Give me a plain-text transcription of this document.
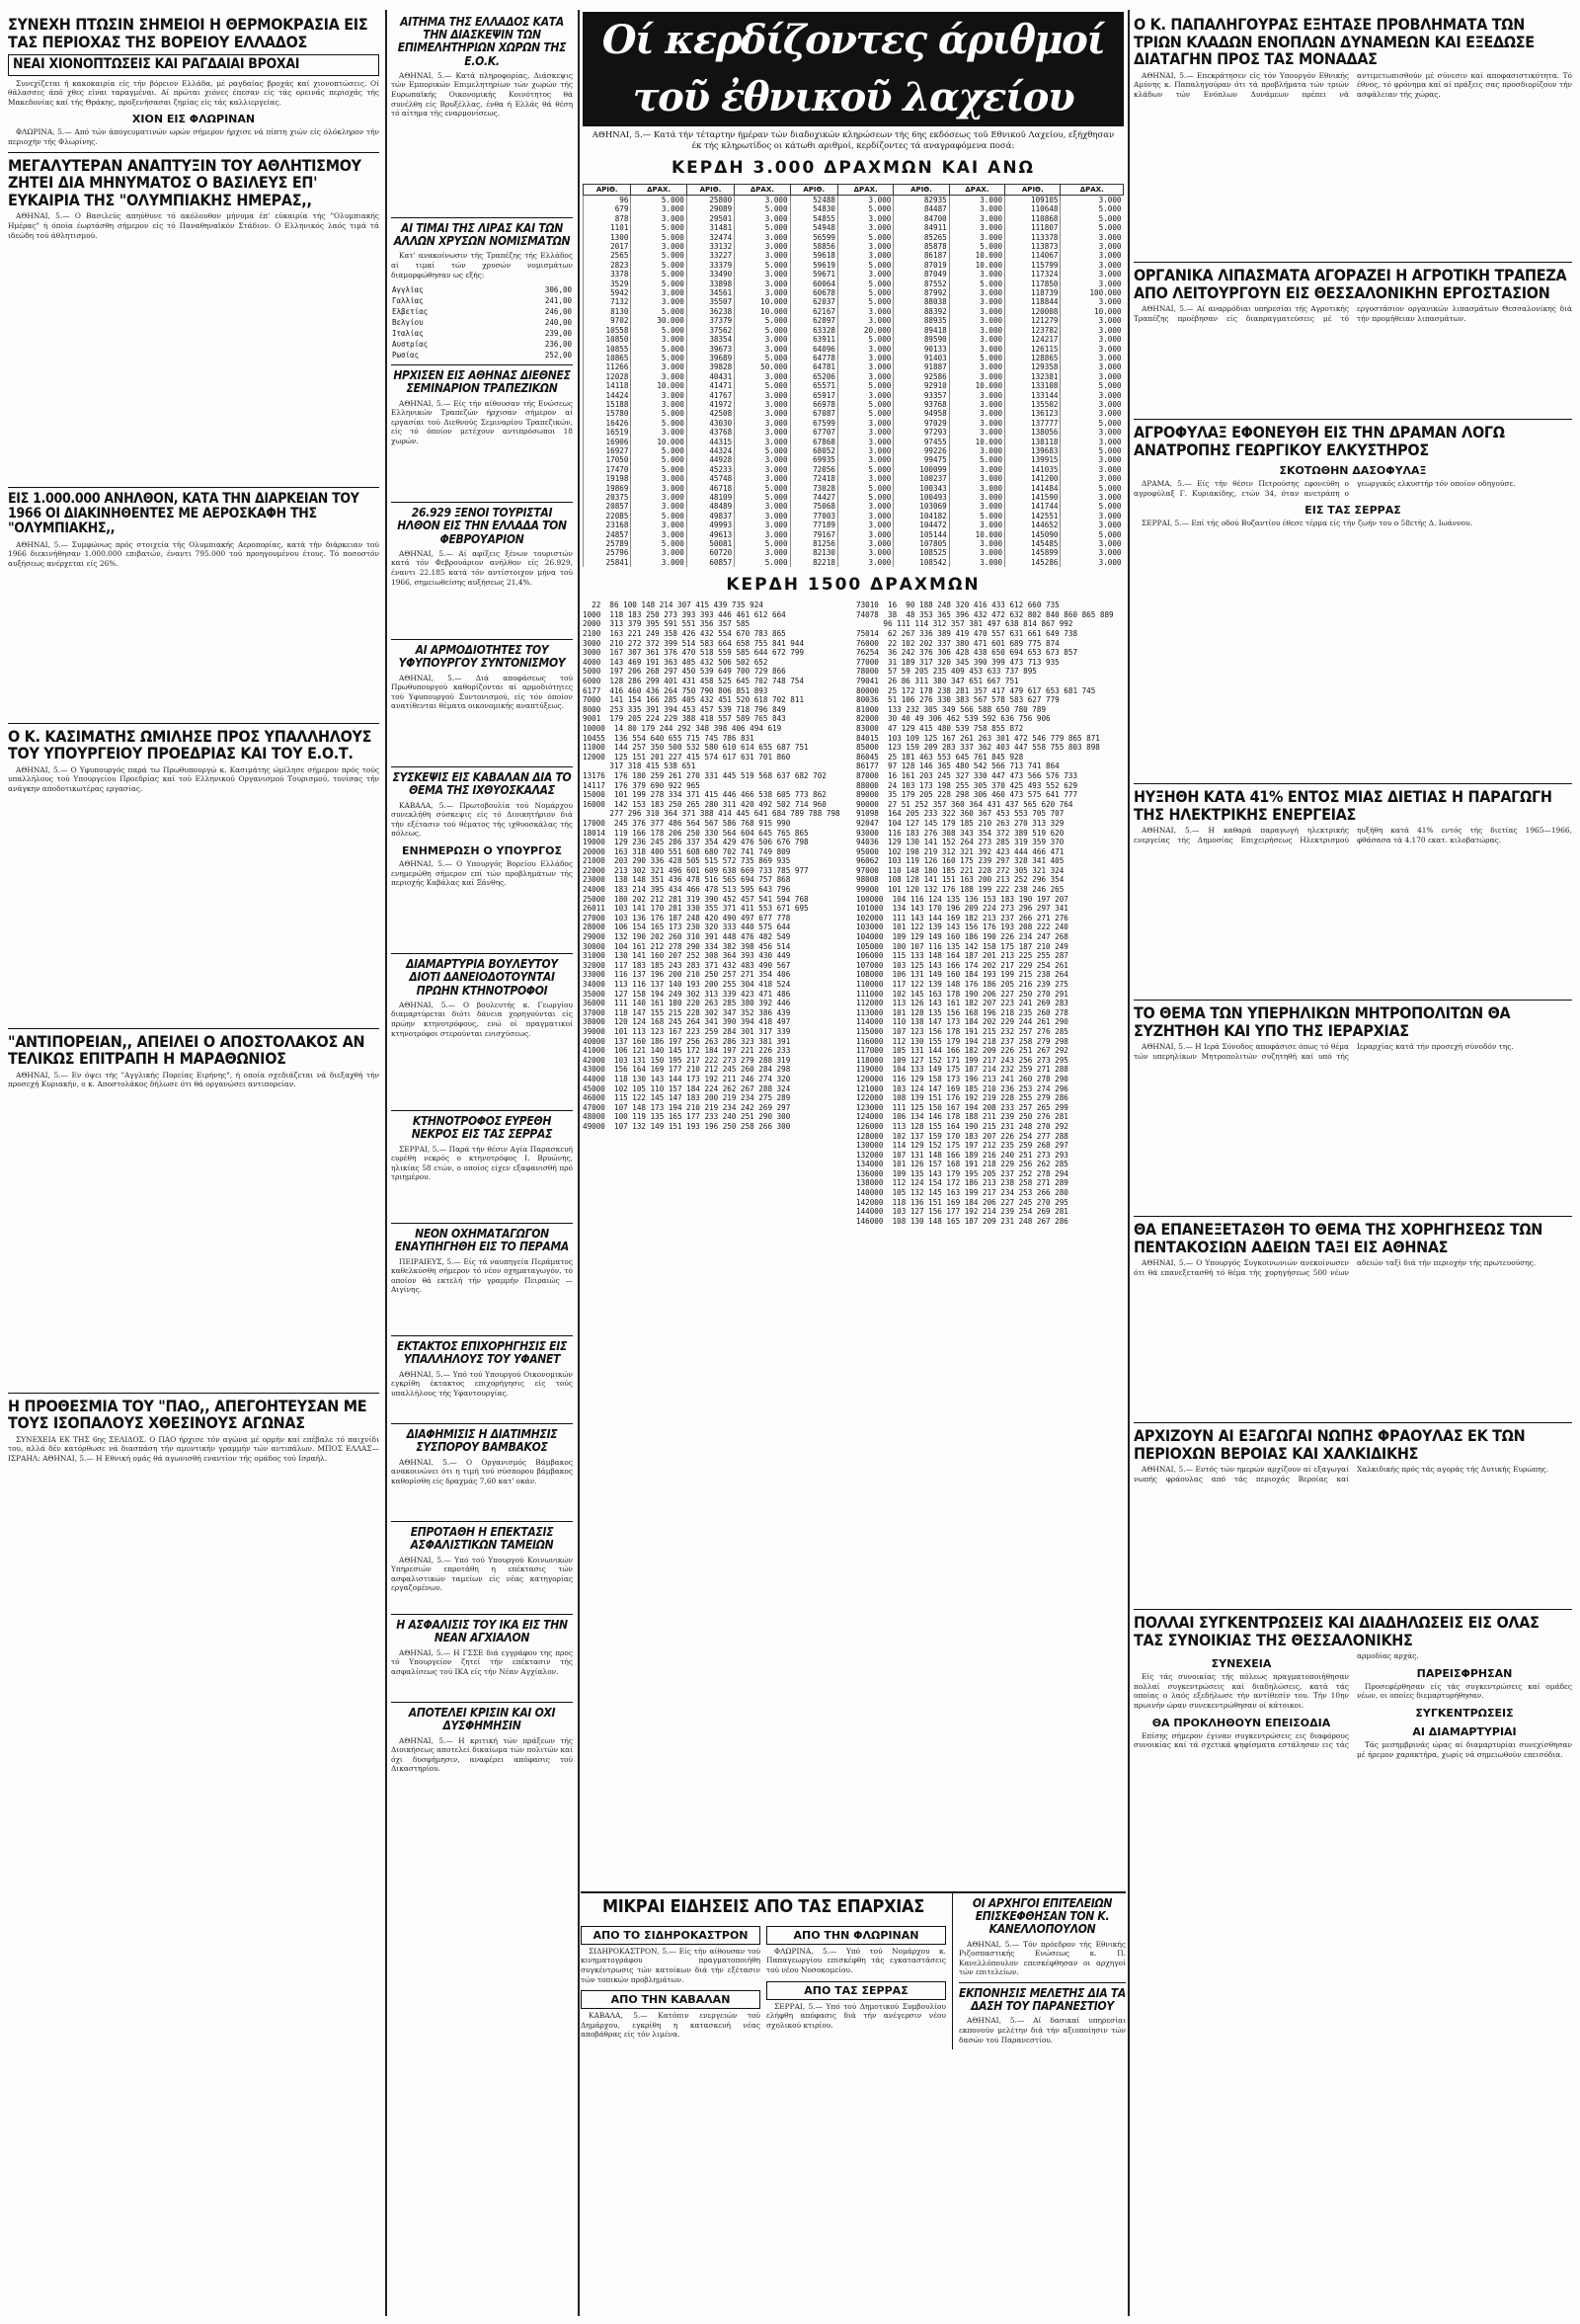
ΣΥΝΕΧΗ ΠΤΩΣΙΝ ΣΗΜΕΙΟΙ Η ΘΕΡΜΟΚΡΑΣΙΑ ΕΙΣ ΤΑΣ ΠΕΡΙΟΧΑΣ ΤΗΣ ΒΟΡΕΙΟΥ ΕΛΛΑΔΟΣ
ΝΕΑΙ ΧΙΟΝΟΠΤΩΣΕΙΣ ΚΑΙ ΡΑΓΔΑΙΑΙ ΒΡΟΧΑΙ

Συνεχίζεται ή κακοκαιρία είς τήν βόρειον Ελλάδα, μέ ραγδαίας βροχάς καί χιονοπτώσεις. Οί θάλασσες άπό χθες είναι ταραγμέναι. Αί πρώται χιόνες έπεσαν είς τάς ορεινάς περιοχάς τής Μακεδονίας καί τής Θράκης, προξενήσασαι ζημίας είς τάς καλλιεργείας.

ΧΙΟΝ ΕΙΣ ΦΛΩΡΙΝΑΝ

ΦΛΩΡΙΝΑ, 5.— Από τών άπογευματινών ωρών σήμερον ήρχισε νά πίπτη χιών είς όλόκληρον τήν περιοχήν τής Φλωρίνης.

ΜΕΓΑΛΥΤΕΡΑΝ ΑΝΑΠΤΥΞΙΝ ΤΟΥ ΑΘΛΗΤΙΣΜΟΥ ΖΗΤΕΙ ΔΙΑ ΜΗΝΥΜΑΤΟΣ Ο ΒΑΣΙΛΕΥΣ ΕΠ' ΕΥΚΑΙΡΙΑ ΤΗΣ "ΟΛΥΜΠΙΑΚΗΣ ΗΜΕΡΑΣ,,

ΑΘΗΝΑΙ, 5.— Ο Βασιλεύς απηύθυνε τό ακόλουθον μήνυμα έπ' εύκαιρία τής "Ολυμπιακής Ημέρας" ή όποία έωρτάσθη σήμερον είς τό Παναθηναϊκόν Στάδιον. Ο Ελληνικός λαός τιμά τά ιδεώδη τού άθλητισμού.

ΕΙΣ 1.000.000 ΑΝΗΛΘΟΝ, ΚΑΤΑ ΤΗΝ ΔΙΑΡΚΕΙΑΝ ΤΟΥ 1966 ΟΙ ΔΙΑΚΙΝΗΘΕΝΤΕΣ ΜΕ ΑΕΡΟΣΚΑΦΗ ΤΗΣ "ΟΛΥΜΠΙΑΚΗΣ,,

ΑΘΗΝΑΙ, 5.— Συμφώνως πρός στοιχεία τής Ολυμπιακής Αεροπορίας, κατά τήν διάρκειαν τού 1966 διεκινήθησαν 1.000.000 επιβατών, έναντι 795.000 τού προηγουμένου έτους. Τό ποσοστόν αυξήσεως ανέρχεται είς 26%.

Ο Κ. ΚΑΣΙΜΑΤΗΣ ΩΜΙΛΗΣΕ ΠΡΟΣ ΥΠΑΛΛΗΛΟΥΣ ΤΟΥ ΥΠΟΥΡΓΕΙΟΥ ΠΡΟΕΔΡΙΑΣ ΚΑΙ ΤΟΥ Ε.Ο.Τ.

ΑΘΗΝΑΙ, 5.— Ο Υφυπουργός παρά τω Πρωθυπουργώ κ. Κασιμάτης ώμίλησε σήμερον πρός τούς υπαλλήλους τού Υπουργείου Προεδρίας καί τού Ελληνικού Οργανισμού Τουρισμού, τονίσας τήν ανάγκην αποδοτικωτέρας εργασίας.

"ΑΝΤΙΠΟΡΕΙΑΝ,, ΑΠΕΙΛΕΙ Ο ΑΠΟΣΤΟΛΑΚΟΣ ΑΝ ΤΕΛΙΚΩΣ ΕΠΙΤΡΑΠΗ Η ΜΑΡΑΘΩΝΙΟΣ

ΑΘΗΝΑΙ, 5.— Εν όψει τής "Αγγλικής Πορείας Ειρήνης", ή οποία σχεδιάζεται νά διεξαχθή τήν προσεχή Κυριακήν, ο κ. Αποστολάκος δήλωσε ότι θά οργανώσει αντιπορείαν.

Η ΠΡΟΘΕΣΜΙΑ ΤΟΥ "ΠΑΟ,, ΑΠΕΓΟΗΤΕΥΣΑΝ ΜΕ ΤΟΥΣ ΙΣΟΠΑΛΟΥΣ ΧΘΕΣΙΝΟΥΣ ΑΓΩΝΑΣ

ΣΥΝΕΧΕΙΑ ΕΚ ΤΗΣ 6ης ΣΕΛΙΔΟΣ. Ο ΠΑΟ ήρχισε τόν αγώνα μέ ορμήν καί επέβαλε τό παιχνίδι του, αλλά δέν κατόρθωσε νά διασπάση τήν αμυντικήν γραμμήν τών αντιπάλων. ΜΠΟΣ ΕΛΛΑΣ—ΙΣΡΑΗΛ: ΑΘΗΝΑΙ, 5.— Η Εθνική ομάς θά αγωνισθή εναντίον τής ομάδος τού Ισραήλ.

ΑΙΤΗΜΑ ΤΗΣ ΕΛΛΑΔΟΣ ΚΑΤΑ ΤΗΝ ΔΙΑΣΚΕΨΙΝ ΤΩΝ ΕΠΙΜΕΛΗΤΗΡΙΩΝ ΧΩΡΩΝ ΤΗΣ Ε.Ο.Κ.

ΑΘΗΝΑΙ, 5.— Κατά πληροφορίας, Διάσκεψις τών Εμπορικών Επιμελητηρίων τών χωρών τής Ευρωπαϊκής Οικονομικής Κοινότητος θά συνέλθη είς Βρυξέλλας, ένθα ή Ελλάς θά θέση τό αίτημα τής εναρμονίσεως.

ΑΙ ΤΙΜΑΙ ΤΗΣ ΛΙΡΑΣ ΚΑΙ ΤΩΝ ΑΛΛΩΝ ΧΡΥΣΩΝ ΝΟΜΙΣΜΑΤΩΝ

Κατ' ανακοίνωσιν τής Τραπέζης τής Ελλάδος αί τιμαί τών χρυσών νομισμάτων διαμορφώθησαν ως εξής:

Αγγλίας	306,00
Γαλλίας	241,00
Ελβετίας	246,00
Βελγίου	240,00
Ιταλίας	239,00
Αυστρίας	236,00
Ρωσίας	252,00
ΗΡΧΙΣΕΝ ΕΙΣ ΑΘΗΝΑΣ ΔΙΕΘΝΕΣ ΣΕΜΙΝΑΡΙΟΝ ΤΡΑΠΕΖΙΚΩΝ

ΑΘΗΝΑΙ, 5.— Είς τήν αίθουσαν τής Ενώσεως Ελληνικών Τραπεζών ήρχισαν σήμερον αί εργασίαι τού Διεθνούς Σεμιναρίου Τραπεζικών, είς τό όποίον μετέχουν αντιπρόσωποι 18 χωρών.

26.929 ΞΕΝΟΙ ΤΟΥΡΙΣΤΑΙ ΗΛΘΟΝ ΕΙΣ ΤΗΝ ΕΛΛΑΔΑ ΤΟΝ ΦΕΒΡΟΥΑΡΙΟΝ

ΑΘΗΝΑΙ, 5.— Αί αφίξεις ξένων τουριστών κατά τόν Φεβρουάριον ανήλθον είς 26.929, έναντι 22.185 κατά τόν αντίστοιχον μήνα τού 1966, σημειωθείσης αυξήσεως 21,4%.

ΑΙ ΑΡΜΟΔΙΟΤΗΤΕΣ ΤΟΥ ΥΦΥΠΟΥΡΓΟΥ ΣΥΝΤΟΝΙΣΜΟΥ

ΑΘΗΝΑΙ, 5.— Διά αποφάσεως τού Πρωθυπουργού καθορίζονται αί αρμοδιότητες τού Υφυπουργού Συντονισμού, είς τόν όποίον ανατίθενται θέματα οικονομικής αναπτύξεως.

ΣΥΣΚΕΨΙΣ ΕΙΣ ΚΑΒΑΛΑΝ ΔΙΑ ΤΟ ΘΕΜΑ ΤΗΣ ΙΧΘΥΟΣΚΑΛΑΣ

ΚΑΒΑΛΑ, 5.— Πρωτοβουλία τού Νομάρχου συνεκλήθη σύσκεψις είς τό Διοικητήριον διά τήν εξέτασιν τού θέματος τής ιχθυοσκάλας τής πόλεως.

ΕΝΗΜΕΡΩΣΗ Ο ΥΠΟΥΡΓΟΣ

ΑΘΗΝΑΙ, 5.— Ο Υπουργός Βορείου Ελλάδος ενημερώθη σήμερον επί τών προβλημάτων τής περιοχής Καβάλας καί Ξάνθης.

ΔΙΑΜΑΡΤΥΡΙΑ ΒΟΥΛΕΥΤΟΥ ΔΙΟΤΙ ΔΑΝΕΙΟΔΟΤΟΥΝΤΑΙ ΠΡΩΗΝ ΚΤΗΝΟΤΡΟΦΟΙ

ΑΘΗΝΑΙ, 5.— Ο βουλευτής κ. Γεωργίου διαμαρτύρεται διότι δάνεια χορηγούνται είς πρώην κτηνοτρόφους, ενώ οί πραγματικοί κτηνοτρόφοι στερούνται ενισχύσεως.

ΚΤΗΝΟΤΡΟΦΟΣ ΕΥΡΕΘΗ ΝΕΚΡΟΣ ΕΙΣ ΤΑΣ ΣΕΡΡΑΣ

ΣΕΡΡΑΙ, 5.— Παρά τήν θέσιν Αγία Παρασκευή ευρέθη νεκρός ο κτηνοτρόφος Ι. Βρυώνης, ηλικίας 58 ετών, ο οποίος είχεν εξαφανισθή πρό τριημέρου.

ΝΕΟΝ ΟΧΗΜΑΤΑΓΩΓΟΝ ΕΝΑΥΠΗΓΗΘΗ ΕΙΣ ΤΟ ΠΕΡΑΜΑ

ΠΕΙΡΑΙΕΥΣ, 5.— Είς τά ναυπηγεία Περάματος καθελκύσθη σήμερον τό νέον οχηματαγωγόν, τό οποίον θά εκτελή τήν γραμμήν Πειραιώς — Αιγίνης.

ΕΚΤΑΚΤΟΣ ΕΠΙΧΟΡΗΓΗΣΙΣ ΕΙΣ ΥΠΑΛΛΗΛΟΥΣ ΤΟΥ ΥΦΑΝΕΤ

ΑΘΗΝΑΙ, 5.— Υπό τού Υπουργού Οικονομικών εγκρίθη έκτακτος επιχορήγησις είς τούς υπαλλήλους τής Υφαντουργίας.

ΔΙΑΦΗΜΙΣΙΣ Η ΔΙΑΤΙΜΗΣΙΣ ΣΥΣΠΟΡΟΥ ΒΑΜΒΑΚΟΣ

ΑΘΗΝΑΙ, 5.— Ο Οργανισμός Βάμβακος ανακοινώνει ότι η τιμή τού σύσπορου βάμβακος καθορίσθη είς δραχμάς 7,60 κατ' οκάν.

ΕΠΡΟΤΑΘΗ Η ΕΠΕΚΤΑΣΙΣ ΑΣΦΑΛΙΣΤΙΚΩΝ ΤΑΜΕΙΩΝ

ΑΘΗΝΑΙ, 5.— Υπό τού Υπουργού Κοινωνικών Υπηρεσιών επροτάθη η επέκτασις τών ασφαλιστικών ταμείων είς νέας κατηγορίας εργαζομένων.

Η ΑΣΦΑΛΙΣΙΣ ΤΟΥ ΙΚΑ ΕΙΣ ΤΗΝ ΝΕΑΝ ΑΓΧΙΑΛΟΝ

ΑΘΗΝΑΙ, 5.— Η ΓΣΣΕ διά εγγράφου της προς τό Υπουργείον ζητεί τήν επέκτασιν τής ασφαλίσεως τού ΙΚΑ είς τήν Νέαν Αγχίαλον.

ΑΠΟΤΕΛΕΙ ΚΡΙΣΙΝ ΚΑΙ ΟΧΙ ΔΥΣΦΗΜΗΣΙΝ

ΑΘΗΝΑΙ, 5.— Η κριτική τών πράξεων τής Διοικήσεως αποτελεί δικαίωμα τών πολιτών καί όχι δυσφήμησιν, αναφέρει απόφασις τού Δικαστηρίου.

Οί κερδίζοντες άριθμοί τοῦ ἐθνικοῦ λαχείου
ΑΘΗΝΑΙ, 5.— Κατά τήν τέταρτην ήμέραν τών διαδοχικών κληρώσεων τής 6ης εκδόσεως τοῦ Εθνικοῦ Λαχείου, εξήχθησαν έκ τής κληρωτίδος οι κάτωθι αριθμοί, κερδίζοντες τά αναγραφόμενα ποσά:
ΚΕΡΔΗ 3.000 ΔΡΑΧΜΩΝ ΚΑΙ ΑΝΩ
ΑΡΙΘ.	ΔΡΑΧ.	ΑΡΙΘ.	ΔΡΑΧ.	ΑΡΙΘ.	ΔΡΑΧ.	ΑΡΙΘ.	ΔΡΑΧ.	ΑΡΙΘ.	ΔΡΑΧ.
96	5.000	25800	3.000	52488	3.000	82935	3.000	109105	3.000
679	3.000	29089	5.000	54830	5.000	84487	3.000	110648	5.000
878	3.000	29501	3.000	54855	3.000	84700	3.000	110868	5.000
1101	5.000	31481	5.000	54948	3.000	84911	3.000	111807	5.000
1300	5.000	32474	3.000	56599	5.000	85265	3.000	113378	3.000
2017	3.000	33132	3.000	58856	3.000	85878	5.000	113873	3.000
2565	5.000	33227	3.000	59618	3.000	86187	10.000	114067	3.000
2823	5.000	33379	5.000	59619	5.000	87019	10.000	115799	3.000
3378	5.000	33490	3.000	59671	3.000	87049	3.000	117324	3.000
3529	5.000	33898	3.000	60064	5.000	87552	5.000	117850	3.000
5942	3.000	34561	3.000	60678	5.000	87992	3.000	118739	100.000
7132	3.000	35507	10.000	62037	5.000	88038	3.000	118844	3.000
8130	5.000	36238	10.000	62167	3.000	88392	3.000	120008	10.000
9702	30.000	37379	5.000	62897	3.000	88935	3.000	121279	3.000
10558	5.000	37562	5.000	63328	20.000	89418	3.000	123782	3.000
10850	3.000	38354	3.000	63911	5.000	89590	3.000	124217	3.000
10855	5.000	39673	3.000	64096	3.000	90133	3.000	126115	3.000
10865	5.000	39689	5.000	64778	3.000	91403	5.000	128865	3.000
11266	3.000	39828	50.000	64781	3.000	91887	3.000	129358	3.000
12028	3.000	40431	3.000	65206	3.000	92586	3.000	132381	3.000
14118	10.000	41471	5.000	65571	5.000	92910	10.000	133108	5.000
14424	3.000	41767	3.000	65917	3.000	93357	3.000	133144	3.000
15188	3.000	41972	3.000	66978	5.000	93768	3.000	135502	3.000
15780	5.000	42508	3.000	67087	5.000	94958	3.000	136123	3.000
16426	5.000	43030	3.000	67599	3.000	97029	3.000	137777	5.000
16519	3.000	43768	3.000	67707	3.000	97293	3.000	138056	3.000
16906	10.000	44315	3.000	67868	3.000	97455	10.000	138118	3.000
16927	5.000	44324	5.000	68052	3.000	99226	3.000	139683	5.000
17050	5.000	44928	3.000	69935	3.000	99475	5.000	139915	3.000
17470	5.000	45233	3.000	72056	5.000	100099	3.000	141035	3.000
19198	3.000	45748	3.000	72418	3.000	100237	3.000	141200	3.000
19869	3.000	46718	5.000	73028	5.000	100343	3.000	141484	5.000
20375	3.000	48109	5.000	74427	5.000	100493	3.000	141590	3.000
20857	3.000	48489	3.000	75068	3.000	103069	3.000	141744	5.000
22085	5.000	49837	3.000	77003	3.000	104182	5.000	142551	3.000
23168	3.000	49993	3.000	77189	3.000	104472	3.000	144652	3.000
24857	3.000	49613	3.000	79167	3.000	105144	10.000	145090	5.000
25789	5.000	50081	5.000	81256	3.000	107805	3.000	145485	3.000
25796	3.000	60720	3.000	82130	3.000	108525	3.000	145899	3.000
25841	3.000	60857	5.000	82218	3.000	108542	3.000	145286	3.000
ΚΕΡΔΗ 1500 ΔΡΑΧΜΩΝ
22  86 100 148 214 307 415 439 735 924
1000  118 183 250 273 393 393 446 461 612 664
2000  313 379 395 591 551 356 357 585
2100  163 221 249 358 426 432 554 670 783 865
3000  210 272 372 399 514 583 664 658 755 841 944
3000  167 307 361 376 470 518 559 585 644 672 799
4000  143 469 191 363 405 432 506 502 652
5000  197 206 268 297 450 539 649 700 729 866
6000  128 286 299 401 431 458 525 645 702 748 754
6177  416 460 436 264 750 790 806 851 893
7000  141 154 166 285 405 432 451 520 618 702 811
8000  253 335 391 394 453 457 539 718 796 849
9001  179 205 224 229 388 418 557 589 765 843
10000  14 80 179 244 292 348 398 406 494 619
10455  136 554 640 655 715 745 786 831
11000  144 257 350 500 532 580 610 614 655 687 751
12000  125 151 201 227 415 574 617 631 701 860
317 318 415 538 651
13176  176 180 259 261 270 331 445 519 568 637 682 702
14117  176 379 690 922 965
15000  101 199 278 334 371 415 446 466 538 605 773 862
16000  142 153 183 250 265 280 311 420 492 502 714 960
277 296 310 364 371 388 414 445 641 684 789 788 798
17000  245 376 377 486 564 567 586 768 915 990
18014  119 166 178 206 250 330 564 604 645 765 865
19000  129 236 245 286 337 354 429 476 506 676 798
20000  163 318 400 551 608 680 702 741 749 809
21000  203 290 336 428 505 515 572 735 869 935
22000  213 302 321 496 601 609 638 669 733 785 977
23000  138 148 351 436 478 516 565 694 757 868
24000  183 214 395 434 466 478 513 595 643 796
25000  180 202 212 281 319 390 452 457 541 594 768
26011  103 141 170 281 330 355 371 411 553 671 695
27000  103 136 176 187 248 420 490 497 677 778
28000  106 154 165 173 230 320 333 440 575 644
29000  132 190 202 260 310 391 448 476 482 549
30000  104 161 212 278 290 334 382 398 456 514
31000  130 141 160 207 252 308 364 393 430 449
32000  117 183 185 243 283 371 432 483 490 567
33000  116 137 196 200 210 250 257 271 354 406
34000  113 116 137 140 193 200 255 304 418 524
35000  127 158 194 249 302 313 339 423 471 486
36000  111 140 161 180 220 263 285 380 392 446
37000  118 147 155 215 228 302 347 352 386 439
38000  120 124 168 245 264 341 390 394 418 497
39000  101 113 123 167 223 259 284 301 317 339
40000  137 160 186 197 256 263 286 323 381 391
41000  106 121 140 145 172 184 197 221 226 233
42000  103 131 150 195 217 222 273 279 288 319
43000  156 164 169 177 210 212 245 260 284 298
44000  118 130 143 144 173 192 211 246 274 320
45000  102 105 110 157 184 224 262 267 288 324
46000  115 122 145 147 183 200 219 234 275 289
47000  107 148 173 194 210 219 234 242 269 297
48000  100 119 135 165 177 233 240 251 290 300
49000  107 132 149 151 193 196 250 258 266 300
73010  16  90 188 248 320 416 433 612 660 735
74078  38  48 353 365 396 432 472 632 802 840 860 865 889
96 111 114 312 357 381 497 638 814 867 992
75014  62 267 336 389 419 470 557 631 661 649 738
76000  22 102 202 337 380 471 601 689 775 874
76254  36 242 376 306 428 438 650 694 653 673 857
77000  31 189 317 320 345 390 399 473 713 935
78000  57 59 205 235 409 453 633 737 895
79041  26 86 311 380 347 651 667 751
80000  25 172 178 238 281 357 417 479 617 653 681 745
80036  51 106 276 330 383 567 578 583 627 779
81000  133 232 305 349 566 588 650 780 789
82000  30 40 49 306 462 539 592 636 756 906
83000  47 129 415 480 539 758 855 872
84015  103 109 125 167 261 263 301 472 546 779 865 871
85000  123 159 209 283 337 362 403 447 558 755 803 898
86045  25 181 463 553 645 761 845 928
86177  97 128 146 365 480 542 566 713 741 864
87000  16 161 203 245 327 330 447 473 566 576 733
88000  24 103 173 198 255 305 370 425 493 552 629
89000  35 179 205 228 298 306 460 473 575 641 777
90000  27 51 252 357 360 364 431 437 565 620 764
91098  164 205 233 322 360 367 453 553 705 707
92047  104 127 145 179 185 210 263 270 313 329
93000  116 183 276 308 343 354 372 389 519 620
94036  129 130 141 152 264 273 285 319 359 370
95000  102 198 219 312 321 392 423 444 466 471
96062  103 119 126 160 175 239 297 328 341 405
97000  110 148 180 185 221 228 272 305 321 324
98008  108 128 141 151 163 200 213 252 296 354
99000  101 120 132 176 188 199 222 238 246 265
100000  104 116 124 135 136 153 183 190 197 207
101000  134 143 170 196 209 224 273 296 297 341
102000  111 143 144 169 182 213 237 266 271 276
103000  101 122 139 143 156 176 193 208 222 240
104000  109 129 149 160 186 190 226 234 247 268
105000  100 107 116 135 142 158 175 187 210 249
106000  115 133 148 164 187 201 213 225 255 287
107000  103 125 143 166 174 202 217 229 254 261
108000  106 131 149 160 184 193 199 215 238 264
110000  117 122 139 148 176 186 205 216 239 275
111000  102 145 163 178 190 206 227 250 270 291
112000  113 126 143 161 182 207 223 241 269 283
113000  101 128 135 156 168 196 218 235 260 278
114000  110 138 147 173 184 202 229 244 261 290
115000  107 123 156 178 191 215 232 257 276 285
116000  112 130 155 179 194 218 237 258 279 298
117000  105 131 144 166 182 209 226 251 267 292
118000  109 127 152 171 199 217 243 256 273 295
119000  104 133 149 175 187 214 232 259 271 288
120000  116 129 158 173 196 213 241 260 278 290
121000  103 124 147 169 185 210 236 253 274 296
122000  108 139 151 176 192 219 228 255 279 286
123000  111 125 150 167 194 208 233 257 265 299
124000  106 134 146 178 188 211 239 250 276 281
126000  113 128 155 164 190 215 231 248 270 292
128000  102 137 159 170 183 207 226 254 277 288
130000  114 129 152 175 197 212 235 259 268 297
132000  107 131 148 166 189 216 240 251 273 293
134000  101 126 157 168 191 218 229 256 262 285
136000  109 135 143 179 195 205 237 252 278 294
138000  112 124 154 172 186 213 238 258 271 289
140000  105 132 145 163 199 217 234 253 266 280
142000  118 136 151 169 184 206 227 245 270 295
144000  103 127 156 177 192 214 239 254 269 281
146000  108 130 148 165 187 209 231 248 267 286
ΜΙΚΡΑΙ ΕΙΔΗΣΕΙΣ ΑΠΟ ΤΑΣ ΕΠΑΡΧΙΑΣ
ΑΠΟ ΤΟ ΣΙΔΗΡΟΚΑΣΤΡΟΝ

ΣΙΔΗΡΟΚΑΣΤΡΟΝ, 5.— Είς τήν αίθουσαν τού κινηματογράφου πραγματοποιήθη συγκέντρωσις τών κατοίκων διά τήν εξέτασιν τών τοπικών προβλημάτων.

ΑΠΟ ΤΗΝ ΚΑΒΑΛΑΝ

ΚΑΒΑΛΑ, 5.— Κατόπιν ενεργειών τού Δημάρχου, εγκρίθη η κατασκευή νέας αποβάθρας είς τόν λιμένα.

ΑΠΟ ΤΗΝ ΦΛΩΡΙΝΑΝ

ΦΛΩΡΙΝΑ, 5.— Υπό τού Νομάρχου κ. Παπαγεωργίου επισκέφθη τάς εγκαταστάσεις τού νέου Νοσοκομείου.

ΑΠΟ ΤΑΣ ΣΕΡΡΑΣ

ΣΕΡΡΑΙ, 5.— Υπό τού Δημοτικού Συμβουλίου ελήφθη απόφασις διά τήν ανέγερσιν νέου σχολικού κτιρίου.

ΟΙ ΑΡΧΗΓΟΙ ΕΠΙΤΕΛΕΙΩΝ ΕΠΙΣΚΕΦΘΗΣΑΝ ΤΟΝ Κ. ΚΑΝΕΛΛΟΠΟΥΛΟΝ

ΑΘΗΝΑΙ, 5.— Τόν πρόεδρον τής Εθνικής Ριζοσπαστικής Ενώσεως κ. Π. Κανελλόπουλον επεσκέφθησαν οι αρχηγοί τών επιτελείων.

ΕΚΠΟΝΗΣΙΣ ΜΕΛΕΤΗΣ ΔΙΑ ΤΑ ΔΑΣΗ ΤΟΥ ΠΑΡΑΝΕΣΤΙΟΥ

ΑΘΗΝΑΙ, 5.— Αί δασικαί υπηρεσίαι εκπονούν μελέτην διά τήν αξιοποίησιν τών δασών τού Παρανεστίου.

Ο Κ. ΠΑΠΑΛΗΓΟΥΡΑΣ ΕΞΗΤΑΣΕ ΠΡΟΒΛΗΜΑΤΑ ΤΩΝ ΤΡΙΩΝ ΚΛΑΔΩΝ ΕΝΟΠΛΩΝ ΔΥΝΑΜΕΩΝ ΚΑΙ ΕΞΕΔΩΣΕ ΔΙΑΤΑΓΗΝ ΠΡΟΣ ΤΑΣ ΜΟΝΑΔΑΣ

ΑΘΗΝΑΙ, 5.— Επεκράτησεν είς τόν Υπουργόν Εθνικής Αμύνης κ. Παπαληγούραν ότι τά προβλήματα τών τριών κλάδων τών Ενόπλων Δυνάμεων πρέπει νά αντιμετωπισθούν μέ σύνεσιν καί αποφασιστικότητα. Τό έθνος, τό φρόνημα καί αί πράξεις σας προσδιορίζουν τήν ασφάλειαν τής χώρας.

ΟΡΓΑΝΙΚΑ ΛΙΠΑΣΜΑΤΑ ΑΓΟΡΑΖΕΙ Η ΑΓΡΟΤΙΚΗ ΤΡΑΠΕΖΑ ΑΠΟ ΛΕΙΤΟΥΡΓΟΥΝ ΕΙΣ ΘΕΣΣΑΛΟΝΙΚΗΝ ΕΡΓΟΣΤΑΣΙΟΝ

ΑΘΗΝΑΙ, 5.— Αί αναρμόδιαι υπηρεσίαι τής Αγροτικής Τραπέζης προέβησαν είς διαπραγματεύσεις μέ τό εργοστάσιον οργανικών λιπασμάτων Θεσσαλονίκης διά τήν προμήθειαν λιπασμάτων.

ΑΓΡΟΦΥΛΑΞ ΕΦΟΝΕΥΘΗ ΕΙΣ ΤΗΝ ΔΡΑΜΑΝ ΛΟΓΩ ΑΝΑΤΡΟΠΗΣ ΓΕΩΡΓΙΚΟΥ ΕΛΚΥΣΤΗΡΟΣ
ΣΚΟΤΩΘΗΝ ΔΑΣΟΦΥΛΑΞ

ΔΡΑΜΑ, 5.— Είς τήν θέσιν Πετρούσης εφονεύθη ο αγροφύλαξ Γ. Κυριακίδης, ετών 34, όταν ανετράπη ο γεωργικός ελκυστήρ τόν οποίον οδηγούσε.

ΕΙΣ ΤΑΣ ΣΕΡΡΑΣ

ΣΕΡΡΑΙ, 5.— Επί τής οδού Βυζαντίου έθεσε τέρμα είς τήν ζωήν του ο 58ετής Δ. Ιωάννου.

ΗΥΞΗΘΗ ΚΑΤΑ 41% ΕΝΤΟΣ ΜΙΑΣ ΔΙΕΤΙΑΣ Η ΠΑΡΑΓΩΓΗ ΤΗΣ ΗΛΕΚΤΡΙΚΗΣ ΕΝΕΡΓΕΙΑΣ

ΑΘΗΝΑΙ, 5.— Η καθαρά παραγωγή ηλεκτρικής ενεργείας τής Δημοσίας Επιχειρήσεως Ηλεκτρισμού ηυξήθη κατά 41% εντός τής διετίας 1965—1966, φθάσασα τά 4.170 εκατ. κιλοβατώρας.

ΤΟ ΘΕΜΑ ΤΩΝ ΥΠΕΡΗΛΙΚΩΝ ΜΗΤΡΟΠΟΛΙΤΩΝ ΘΑ ΣΥΖΗΤΗΘΗ ΚΑΙ ΥΠΟ ΤΗΣ ΙΕΡΑΡΧΙΑΣ

ΑΘΗΝΑΙ, 5.— Η Ιερά Σύνοδος αποφάσισε όπως τό θέμα τών υπερηλίκων Μητροπολιτών συζητηθή καί υπό τής Ιεραρχίας κατά τήν προσεχή σύνοδόν της.

ΘΑ ΕΠΑΝΕΞΕΤΑΣΘΗ ΤΟ ΘΕΜΑ ΤΗΣ ΧΟΡΗΓΗΣΕΩΣ ΤΩΝ ΠΕΝΤΑΚΟΣΙΩΝ ΑΔΕΙΩΝ ΤΑΞΙ ΕΙΣ ΑΘΗΝΑΣ

ΑΘΗΝΑΙ, 5.— Ο Υπουργός Συγκοινωνιών ανεκοίνωσεν ότι θά επανεξετασθή τό θέμα τής χορηγήσεως 500 νέων αδειών ταξί διά τήν περιοχήν τής πρωτευούσης.

ΑΡΧΙΖΟΥΝ ΑΙ ΕΞΑΓΩΓΑΙ ΝΩΠΗΣ ΦΡΑΟΥΛΑΣ ΕΚ ΤΩΝ ΠΕΡΙΟΧΩΝ ΒΕΡΟΙΑΣ ΚΑΙ ΧΑΛΚΙΔΙΚΗΣ

ΑΘΗΝΑΙ, 5.— Εντός τών ημερών αρχίζουν αί εξαγωγαί νωπής φράουλας από τάς περιοχάς Βεροίας καί Χαλκιδικής πρός τάς αγοράς τής Δυτικής Ευρώπης.

ΠΟΛΛΑΙ ΣΥΓΚΕΝΤΡΩΣΕΙΣ ΚΑΙ ΔΙΑΔΗΛΩΣΕΙΣ ΕΙΣ ΟΛΑΣ ΤΑΣ ΣΥΝΟΙΚΙΑΣ ΤΗΣ ΘΕΣΣΑΛΟΝΙΚΗΣ
ΣΥΝΕΧΕΙΑ

Είς τάς συνοικίας τής πόλεως πραγματοποιήθησαν πολλαί συγκεντρώσεις καί διαδηλώσεις, κατά τάς οποίας ο λαός εξεδήλωσε τήν αντίθεσίν του. Τήν 10ην πρωινήν ώραν συνεκεντρώθησαν οί κάτοικοι.

ΘΑ ΠΡΟΚΛΗΘΟΥΝ ΕΠΕΙΣΟΔΙΑ

Επίσης σήμερον έγιναν συγκεντρώσεις εις διαφόρους συνοικίας καί τά σχετικά ψηφίσματα εστάλησαν εις τάς αρμοδίας αρχάς.

ΠΑΡΕΙΣΦΡΗΣΑΝ

Προσεφέρθησαν είς τάς συγκεντρώσεις καί ομάδες νέων, οι οποίες διεμαρτυρήθησαν.

ΣΥΓΚΕΝΤΡΩΣΕΙΣ
ΑΙ ΔΙΑΜΑΡΤΥΡΙΑΙ

Τάς μεσημβρινάς ώρας αί διαμαρτυρίαι συνεχίσθησαν μέ ήρεμον χαρακτήρα, χωρίς νά σημειωθούν επεισόδια.
